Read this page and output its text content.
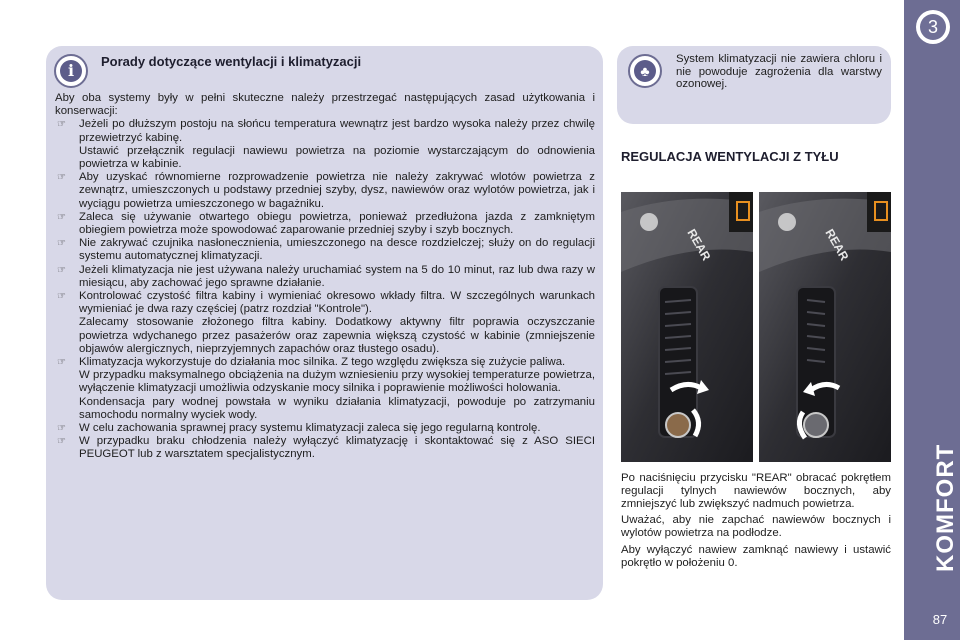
3
KOMFORT
87
i	Porady dotyczące wentylacji i klimatyzacji

Aby oba systemy były w pełni skuteczne należy przestrzegać następujących zasad użytkowania i konserwacji:

☞	Jeżeli po dłuższym postoju na słońcu temperatura wewnątrz jest bardzo wysoka należy przez chwilę przewietrzyć kabinę.

Ustawić przełącznik regulacji nawiewu powietrza na poziomie wystarczającym do odnowienia powietrza w kabinie.

☞	Aby uzyskać równomierne rozprowadzenie powietrza nie należy zakrywać wlotów powietrza z zewnątrz, umieszczonych u podstawy przedniej szyby, dysz, nawiewów oraz wylotów powietrza, jak i wyciągu powietrza umieszczonego w bagażniku.

☞	Zaleca się używanie otwartego obiegu powietrza, ponieważ przedłużona jazda z zamkniętym obiegiem powietrza może spowodować zaparowanie przedniej szyby i szyb bocznych.

☞	Nie zakrywać czujnika nasłonecznienia, umieszczonego na desce rozdzielczej; służy on do regulacji systemu automatycznej klimatyzacji.

☞	Jeżeli klimatyzacja nie jest używana należy uruchamiać system na 5 do 10 minut, raz lub dwa razy w miesiącu, aby zachować jego sprawne działanie.

☞	Kontrolować czystość filtra kabiny i wymieniać okresowo wkłady filtra. W szczególnych warunkach wymieniać je dwa razy częściej (patrz rozdział "Kontrole").

Zalecamy stosowanie złożonego filtra kabiny. Dodatkowy aktywny filtr poprawia oczyszczanie powietrza wdychanego przez pasażerów oraz zapewnia większą czystość w kabinie (zmniejszenie objawów alergicznych, nieprzyjemnych zapachów oraz tłustego osadu).

☞	Klimatyzacja wykorzystuje do działania moc silnika. Z tego względu zwiększa się zużycie paliwa.

W przypadku maksymalnego obciążenia na dużym wzniesieniu przy wysokiej temperaturze powietrza, wyłączenie klimatyzacji umożliwia odzyskanie mocy silnika i poprawienie możliwości holowania.

Kondensacja pary wodnej powstała w wyniku działania klimatyzacji, powoduje po zatrzymaniu samochodu normalny wyciek wody.

☞	W celu zachowania sprawnej pracy systemu klimatyzacji zaleca się jego regularną kontrolę.

☞	W przypadku braku chłodzenia należy wyłączyć klimatyzację i skontaktować się z ASO SIECI PEUGEOT lub z warsztatem specjalistycznym.

♣
System klimatyzacji nie zawiera chloru i nie powoduje zagrożenia dla warstwy ozonowej.
REGULACJA WENTYLACJI Z TYŁU
REAR	REAR

Po naciśnięciu przycisku "REAR" obracać pokrętłem regulacji tylnych nawiewów bocznych, aby zmniejszyć lub zwiększyć nadmuch powietrza.

Uważać, aby nie zapchać nawiewów bocznych i wylotów powietrza na podłodze.

Aby wyłączyć nawiew zamknąć nawiewy i ustawić pokrętło w położeniu 0.
